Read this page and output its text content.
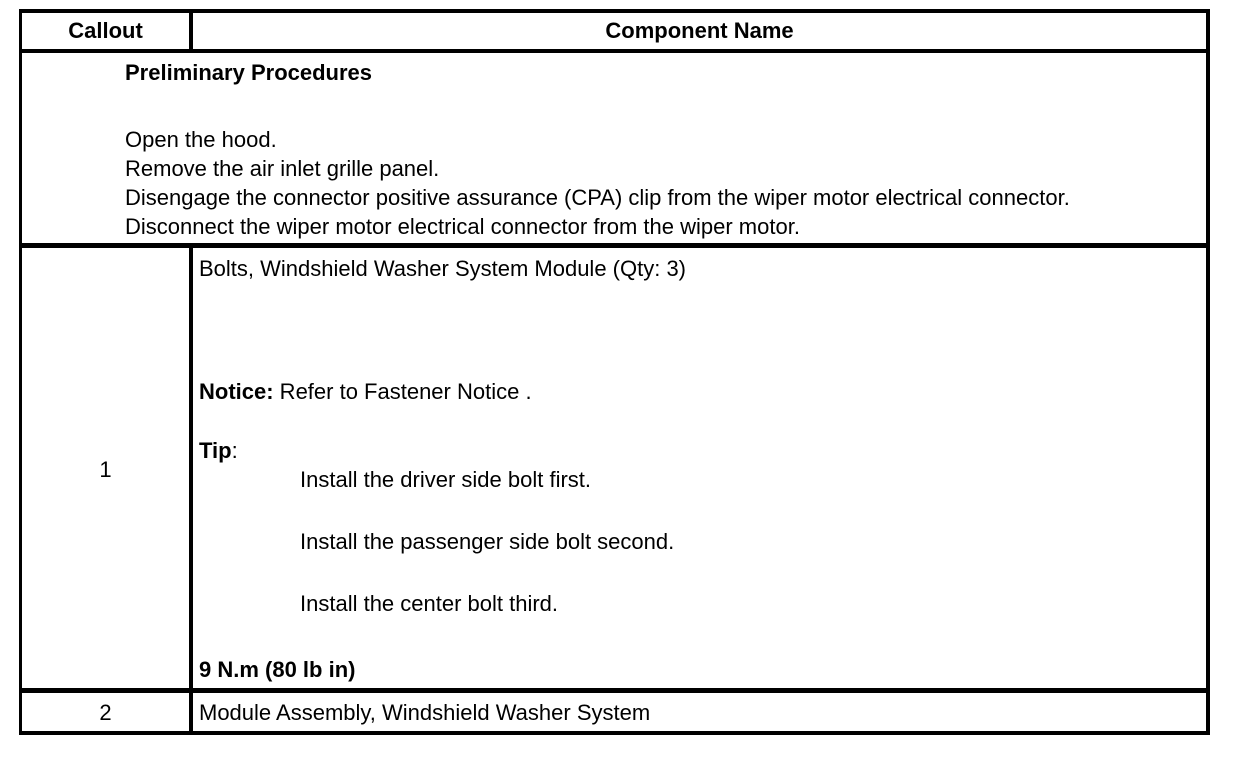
Callout	Component Name
Preliminary Procedures
Open the hood.
Remove the air inlet grille panel.
Disengage the connector positive assurance (CPA) clip from the wiper motor electrical connector.
Disconnect the wiper motor electrical connector from the wiper motor.
1
Bolts, Windshield Washer System Module (Qty: 3)
Notice: Refer to Fastener Notice .
Tip:
Install the driver side bolt first.
Install the passenger side bolt second.
Install the center bolt third.
9 N.m (80 lb in)
2	Module Assembly, Windshield Washer System
